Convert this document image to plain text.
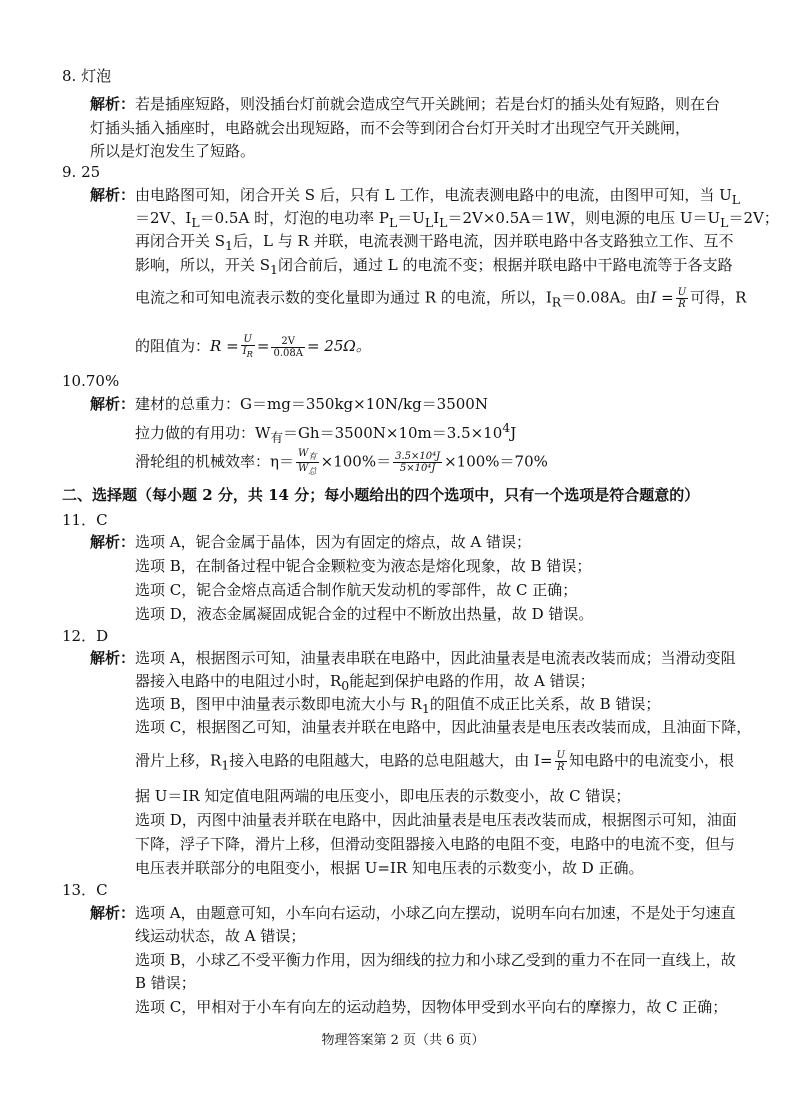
8. 灯泡
解析：若是插座短路，则没插台灯前就会造成空气开关跳闸；若是台灯的插头处有短路，则在台
灯插头插入插座时，电路就会出现短路，而不会等到闭合台灯开关时才出现空气开关跳闸，
所以是灯泡发生了短路。
9. 25
解析：由电路图可知，闭合开关 S 后，只有 L 工作，电流表测电路中的电流，由图甲可知，当 $U_L$
＝2V、$I_L=0.5A$ 时，灯泡的电功率 $P_L=U_LI_L=2V\times 0.5A=1W$，则电源的电压 $U=U_L=2V$；
再闭合开关 $S_1$后，L 与 R 并联，电流表测干路电流，因并联电路中各支路独立工作、互不
影响，所以，开关 $S_1$闭合前后，通过 L 的电流不变；根据并联电路中干路电流等于各支路
电流之和可知电流表示数的变化量即为通过 R 的电流，所以，$I_R=0.08A$。由$I = \frac{U}{R}$ 可得，R
的阻值为：$R = \frac{U}{I_R} = \frac{2V}{0.08A} = 25\Omega$。
10.70%
解析：建材的总重力：G＝mg＝350kg×10N/kg＝3500N
拉力做的有用功：$W_有=Gh=3500N\times 10m=3.5\times 10^4J$
滑轮组的机械效率：$\eta= \frac{W_有}{W_总} \times 100\%= \frac{\text{3.5×10⁴J}}{\text{5×10⁴J}} \times 100\%=70\%$
二、选择题（每小题 2 分，共 14 分；每小题给出的四个选项中，只有一个选项是符合题意的）
11．C
解析：选项 A，铌合金属于晶体，因为有固定的熔点，故 A 错误；
选项 B，在制备过程中铌合金颗粒变为液态是熔化现象，故 B 错误；
选项 C，铌合金熔点高适合制作航天发动机的零部件，故 C 正确；
选项 D，液态金属凝固成铌合金的过程中不断放出热量，故 D 错误。
12．D
解析：选项 A，根据图示可知，油量表串联在电路中，因此油量表是电流表改装而成；当滑动变阻
器接入电路中的电阻过小时，$R_0$能起到保护电路的作用，故 A 错误；
选项 B，图甲中油量表示数即电流大小与 $R_1$的阻值不成正比关系，故 B 错误；
选项 C，根据图乙可知，油量表并联在电路中，因此油量表是电压表改装而成，且油面下降，
滑片上移，$R_1$接入电路的电阻越大，电路的总电阻越大，由 $I= \frac{U}{R}$ 知电路中的电流变小，根
据 U＝IR 知定值电阻两端的电压变小，即电压表的示数变小，故 C 错误；
选项 D，丙图中油量表并联在电路中，因此油量表是电压表改装而成，根据图示可知，油面
下降，浮子下降，滑片上移，但滑动变阻器接入电路的电阻不变，电路中的电流不变，但与
电压表并联部分的电阻变小，根据 U=IR 知电压表的示数变小，故 D 正确。
13．C
解析：选项 A，由题意可知，小车向右运动，小球乙向左摆动，说明车向右加速，不是处于匀速直
线运动状态，故 A 错误；
选项 B，小球乙不受平衡力作用，因为细线的拉力和小球乙受到的重力不在同一直线上，故
B 错误；
选项 C，甲相对于小车有向左的运动趋势，因物体甲受到水平向右的摩擦力，故 C 正确；
物理答案第 2 页（共 6 页）
